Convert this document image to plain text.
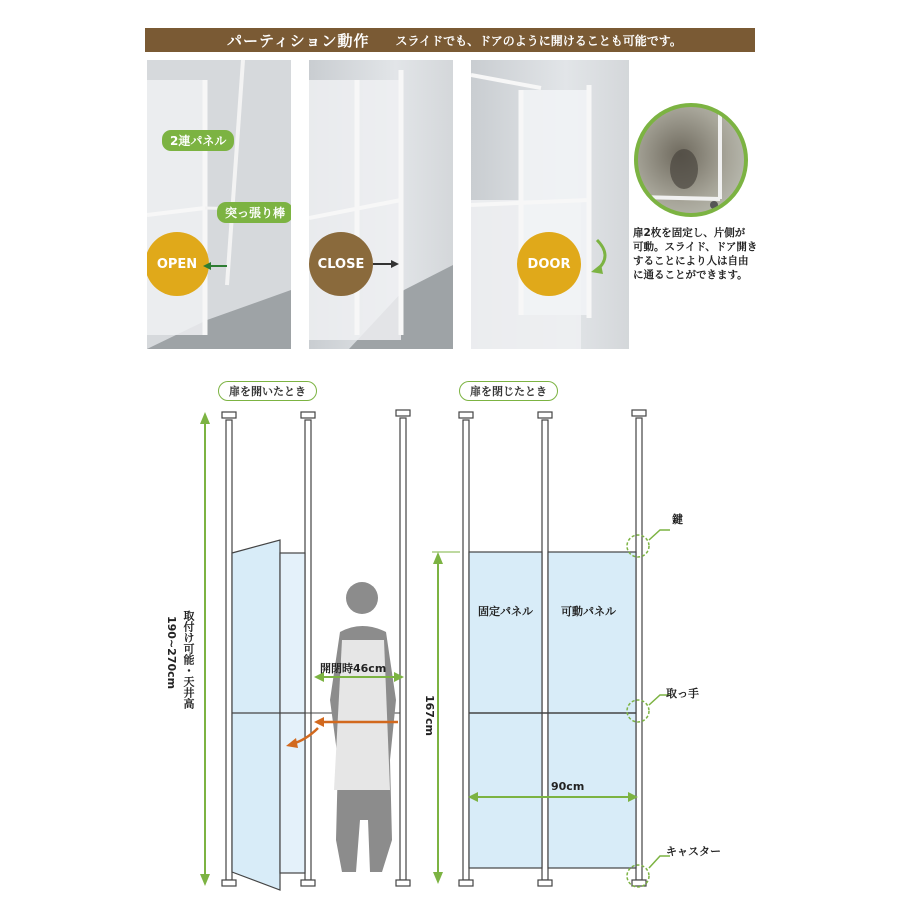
パーティション動作 スライドでも、ドアのように開けることも可能です。
2連パネル
突っ張り棒
OPEN	CLOSE	DOOR
扉2枚を固定し、片側が
可動。スライド、ドア開き
することにより人は自由
に通ることができます。
扉を開いたとき	扉を閉じたとき
取付け可能・天井高
190~270cm	開閉時46cm
167cm
固定パネル	可動パネル
90cm
鍵
取っ手
キャスター
